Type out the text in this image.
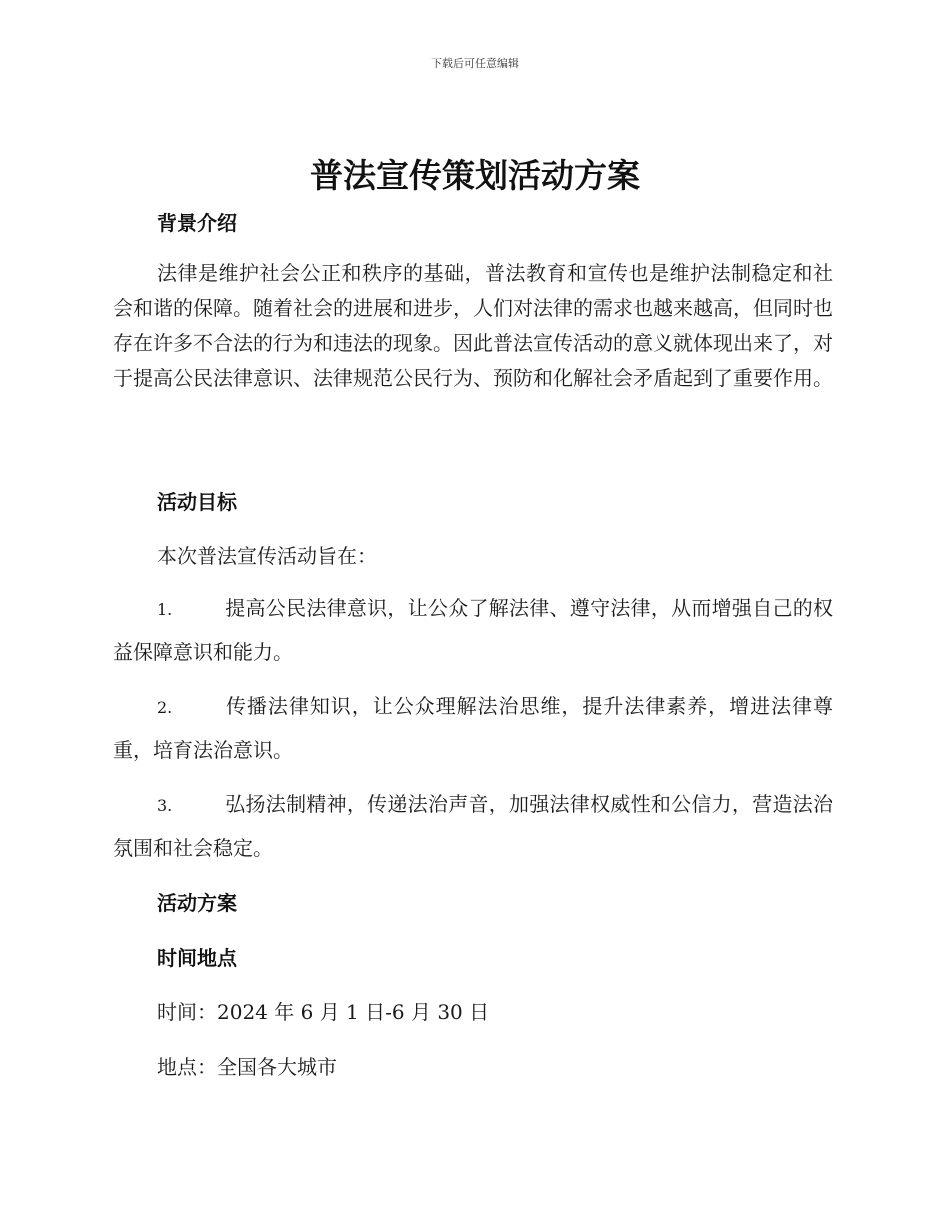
下载后可任意编辑
普法宣传策划活动方案
背景介绍

法律是维护社会公正和秩序的基础，普法教育和宣传也是维护法制稳定和社会和谐的保障。随着社会的进展和进步，人们对法律的需求也越来越高，但同时也存在许多不合法的行为和违法的现象。因此普法宣传活动的意义就体现出来了，对于提高公民法律意识、法律规范公民行为、预防和化解社会矛盾起到了重要作用。

活动目标

本次普法宣传活动旨在：

1.	提高公民法律意识，让公众了解法律、遵守法律，从而增强自己的权益保障意识和能力。

2.	传播法律知识，让公众理解法治思维，提升法律素养，增进法律尊重，培育法治意识。

3.	弘扬法制精神，传递法治声音，加强法律权威性和公信力，营造法治氛围和社会稳定。

活动方案
时间地点

时间：2024 年 6 月 1 日-6 月 30 日

地点：全国各大城市
